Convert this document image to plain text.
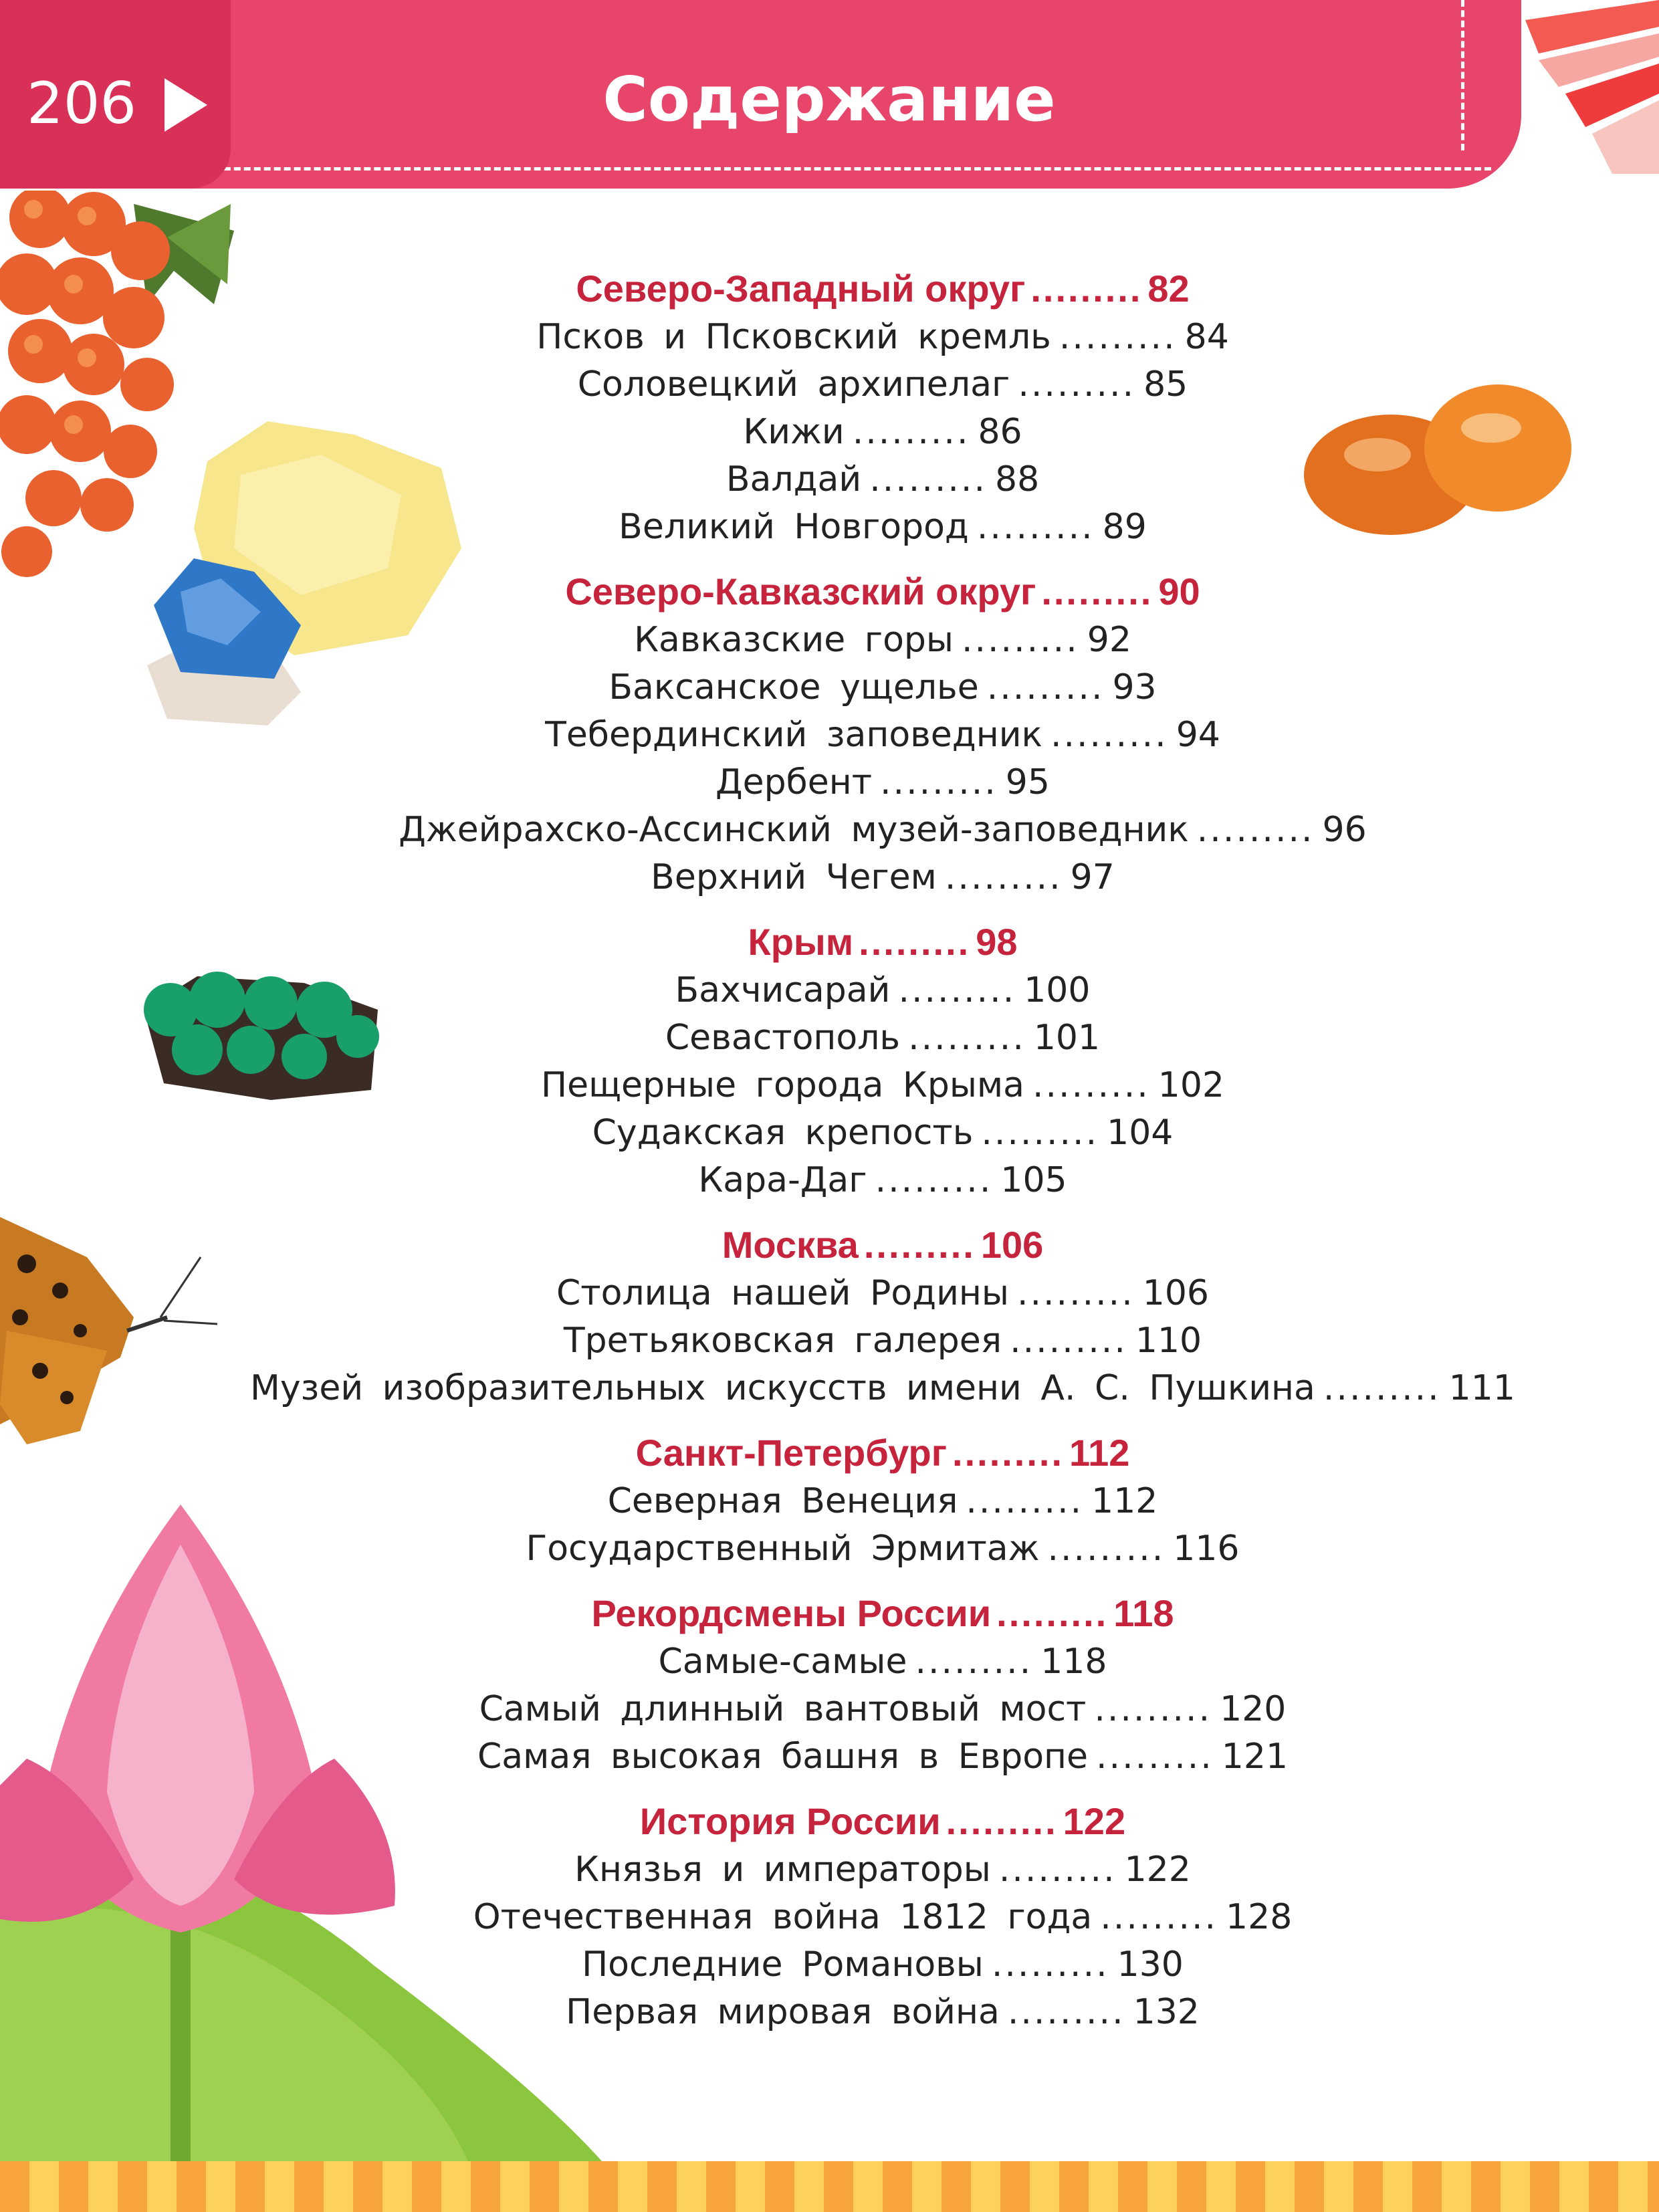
206	Содержание
Северо-Западный округ ......... 82
Псков и Псковский кремль ......... 84
Соловецкий архипелаг ......... 85
Кижи ......... 86
Валдай ......... 88
Великий Новгород ......... 89
Северо-Кавказский округ ......... 90
Кавказские горы ......... 92
Баксанское ущелье ......... 93
Тебердинский заповедник ......... 94
Дербент ......... 95
Джейрахско-Ассинский музей-заповедник ......... 96
Верхний Чегем ......... 97
Крым ......... 98
Бахчисарай ......... 100
Севастополь ......... 101
Пещерные города Крыма ......... 102
Судакская крепость ......... 104
Кара-Даг ......... 105
Москва ......... 106
Столица нашей Родины ......... 106
Третьяковская галерея ......... 110
Музей изобразительных искусств имени А. С. Пушкина ......... 111
Санкт-Петербург ......... 112
Северная Венеция ......... 112
Государственный Эрмитаж ......... 116
Рекордсмены России ......... 118
Самые-самые ......... 118
Самый длинный вантовый мост ......... 120
Самая высокая башня в Европе ......... 121
История России ......... 122
Князья и императоры ......... 122
Отечественная война 1812 года ......... 128
Последние Романовы ......... 130
Первая мировая война ......... 132
